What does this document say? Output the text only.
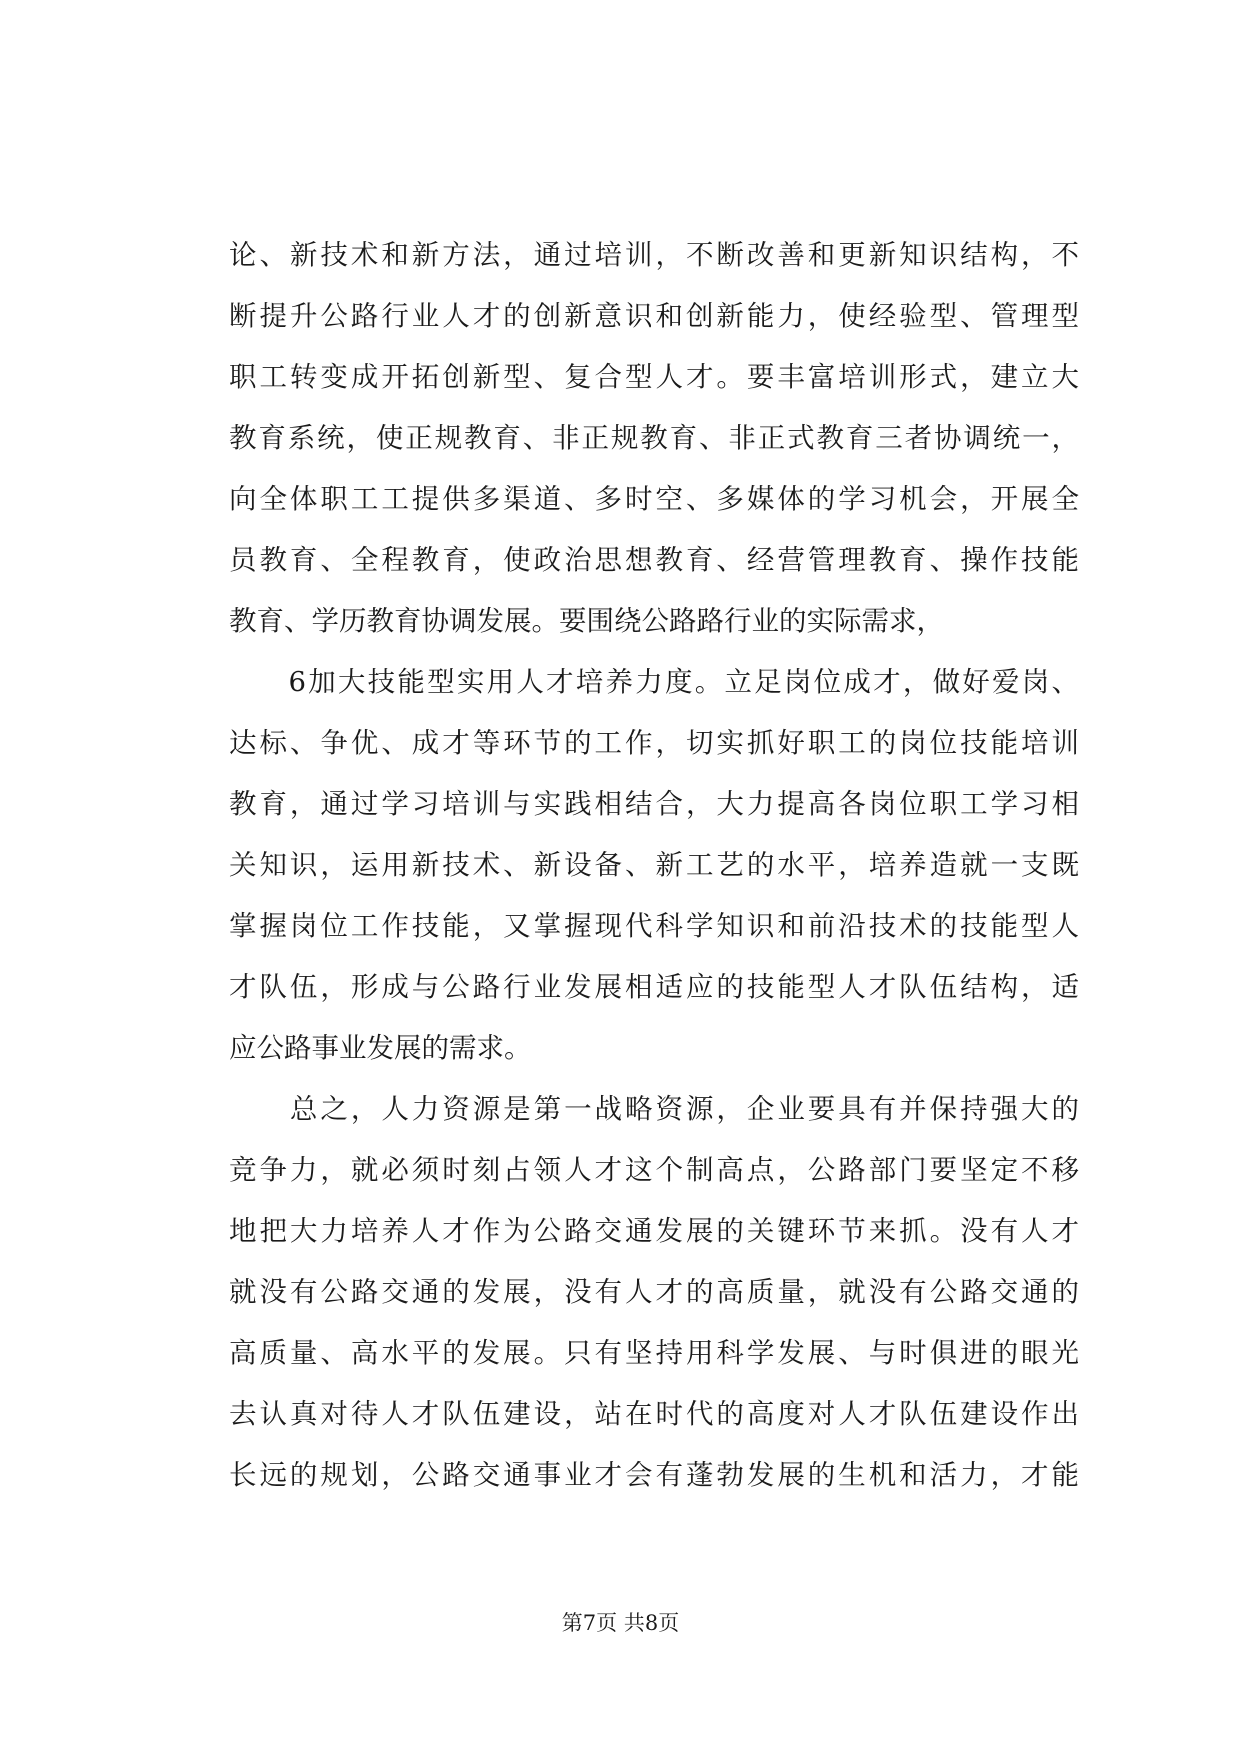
论、新技术和新方法，通过培训，不断改善和更新知识结构，不
断提升公路行业人才的创新意识和创新能力，使经验型、管理型
职工转变成开拓创新型、复合型人才。要丰富培训形式，建立大
教育系统，使正规教育、非正规教育、非正式教育三者协调统一，
向全体职工工提供多渠道、多时空、多媒体的学习机会，开展全
员教育、全程教育，使政治思想教育、经营管理教育、操作技能
教育、学历教育协调发展。要围绕公路路行业的实际需求，
　　6加大技能型实用人才培养力度。立足岗位成才，做好爱岗、
达标、争优、成才等环节的工作，切实抓好职工的岗位技能培训
教育，通过学习培训与实践相结合，大力提高各岗位职工学习相
关知识，运用新技术、新设备、新工艺的水平，培养造就一支既
掌握岗位工作技能，又掌握现代科学知识和前沿技术的技能型人
才队伍，形成与公路行业发展相适应的技能型人才队伍结构，适
应公路事业发展的需求。
　　总之，人力资源是第一战略资源，企业要具有并保持强大的
竞争力，就必须时刻占领人才这个制高点，公路部门要坚定不移
地把大力培养人才作为公路交通发展的关键环节来抓。没有人才
就没有公路交通的发展，没有人才的高质量，就没有公路交通的
高质量、高水平的发展。只有坚持用科学发展、与时俱进的眼光
去认真对待人才队伍建设，站在时代的高度对人才队伍建设作出
长远的规划，公路交通事业才会有蓬勃发展的生机和活力，才能
第7页 共8页
